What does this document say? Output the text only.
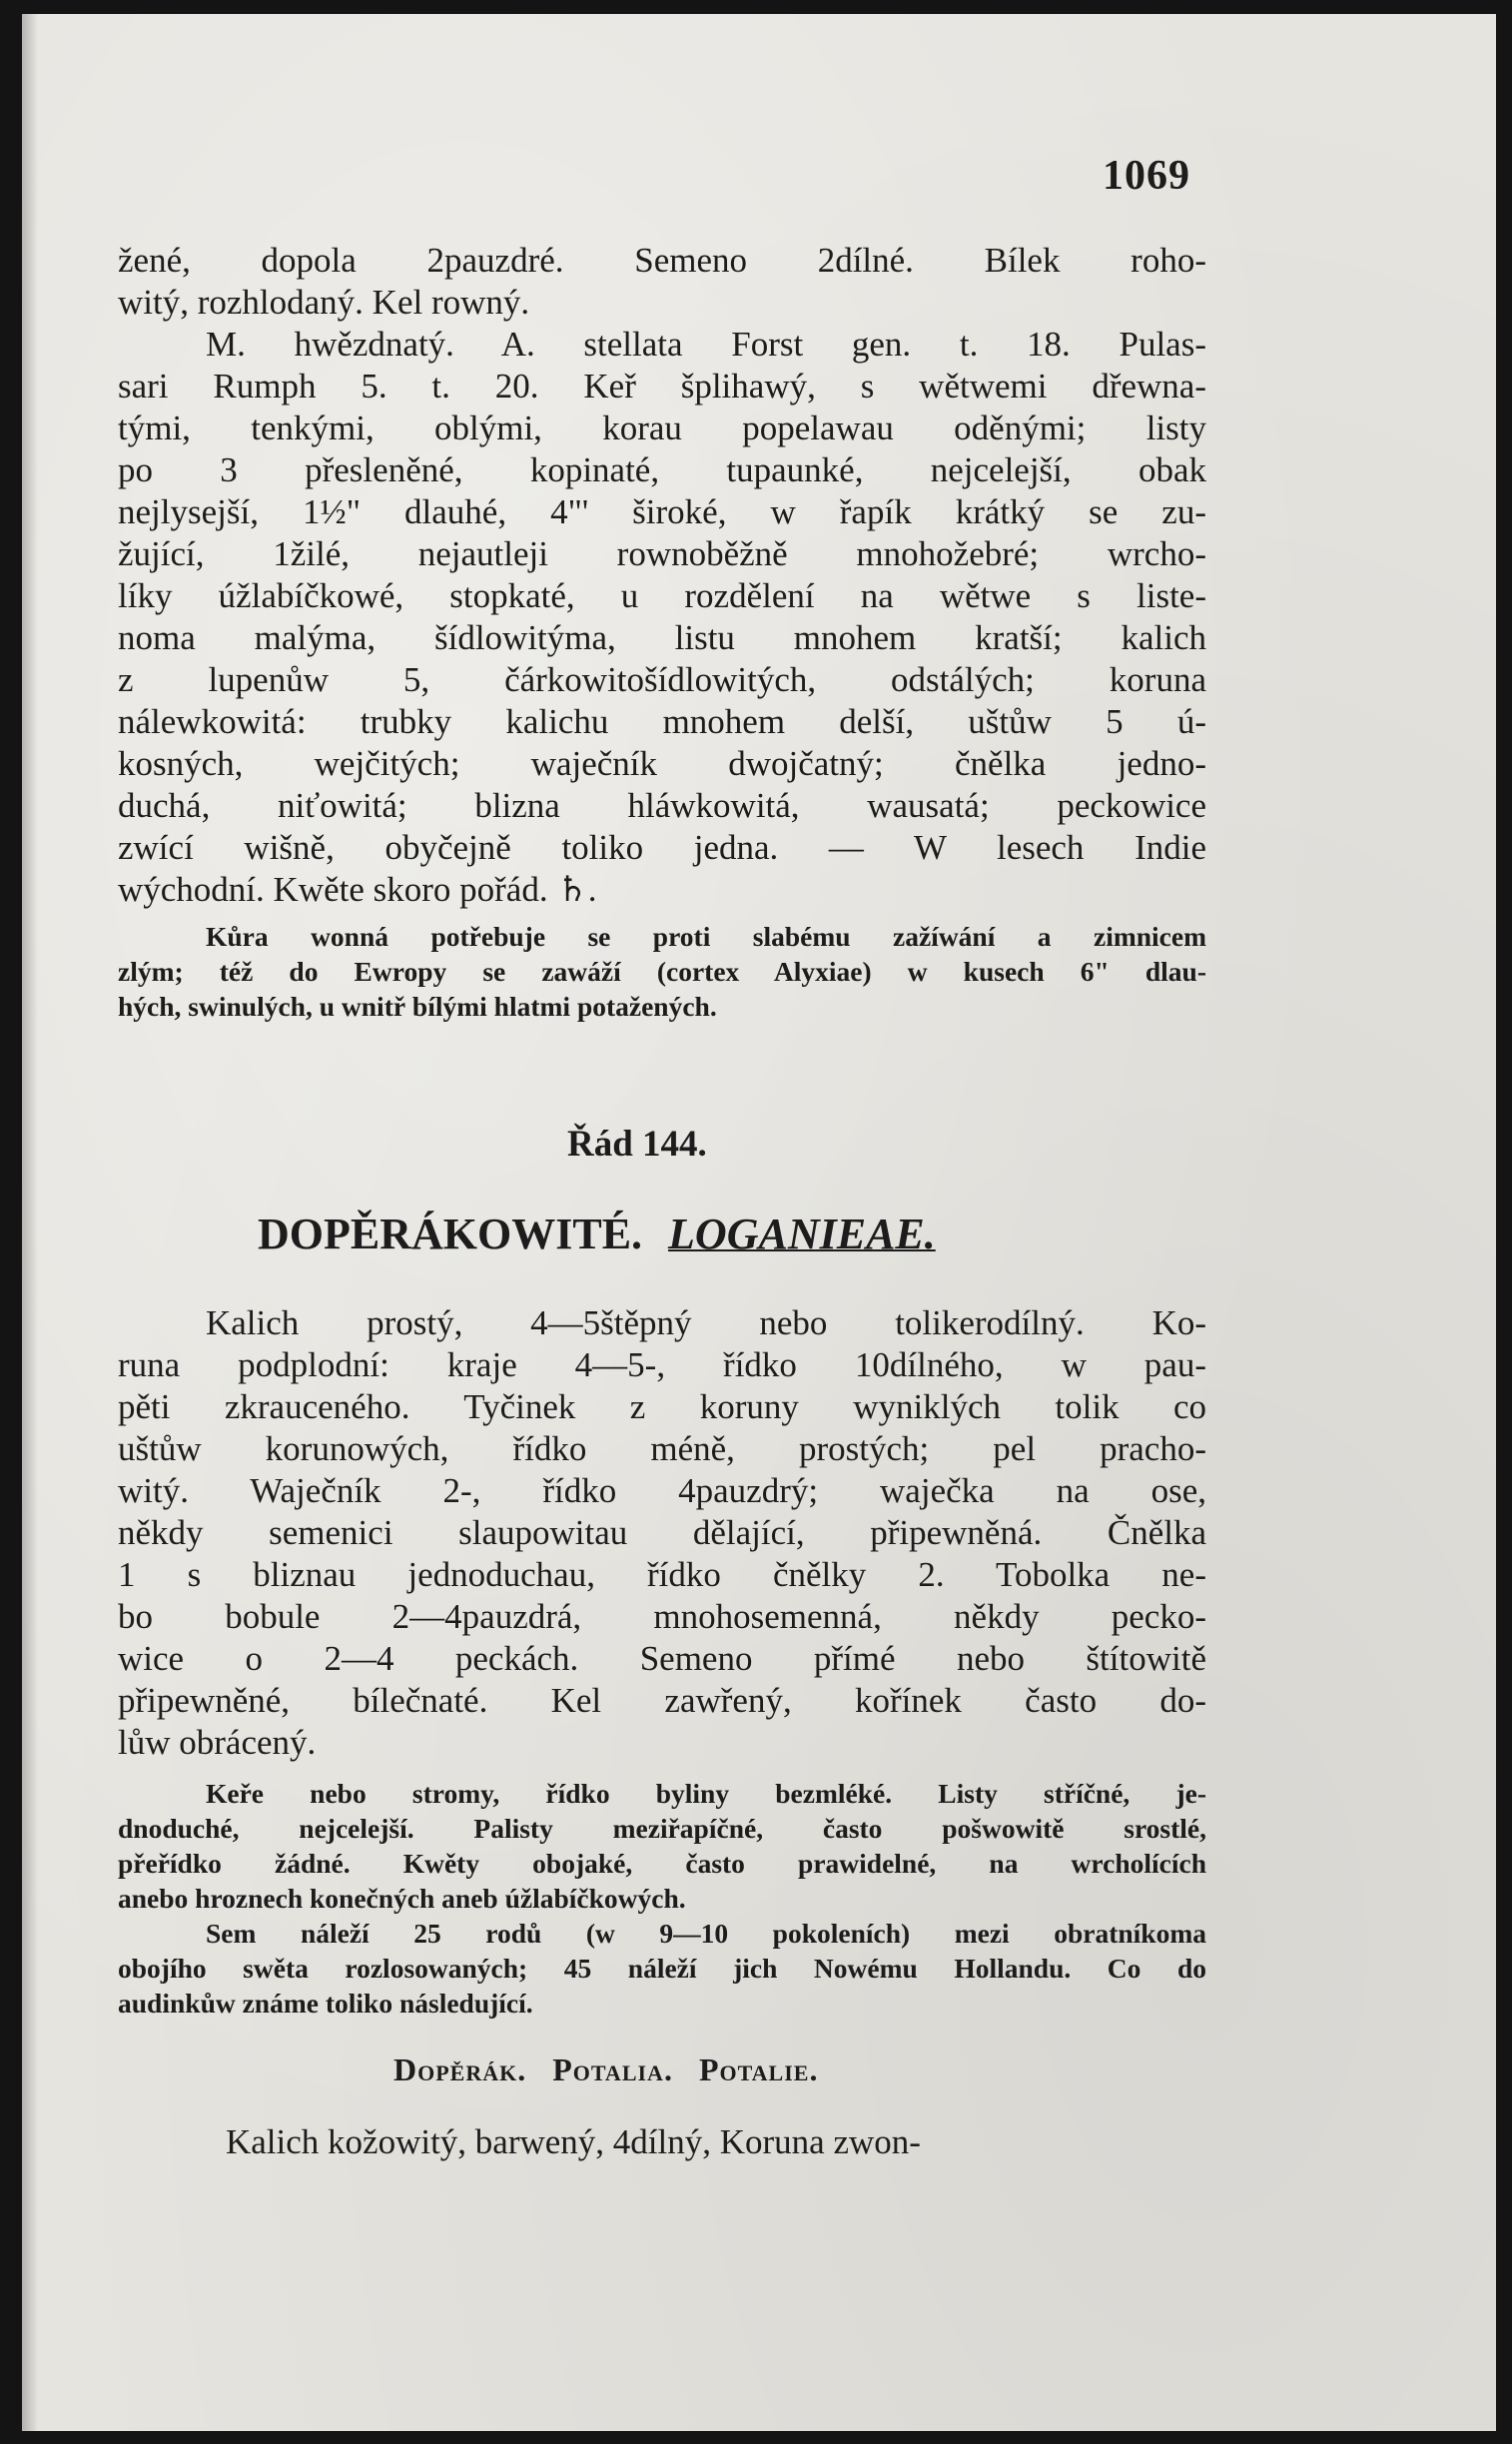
1069
žené, dopola 2pauzdré. Semeno 2dílné. Bílek roho-
witý, rozhlodaný. Kel rowný.
M. hwězdnatý. A. stellata Forst gen. t. 18. Pulas-
sari Rumph 5. t. 20. Keř šplihawý, s wětwemi dřewna-
tými, tenkými, oblými, korau popelawau oděnými; listy
po 3 přesleněné, kopinaté, tupaunké, nejcelejší, obak
nejlysejší, 1½" dlauhé, 4"' široké, w řapík krátký se zu-
žující, 1žilé, nejautleji rownoběžně mnohožebré; wrcho-
líky úžlabíčkowé, stopkaté, u rozdělení na wětwe s liste-
noma malýma, šídlowitýma, listu mnohem kratší; kalich
z lupenůw 5, čárkowitošídlowitých, odstálých; koruna
nálewkowitá: trubky kalichu mnohem delší, uštůw 5 ú-
kosných, wejčitých; waječník dwojčatný; čnělka jedno-
duchá, niťowitá; blizna hláwkowitá, wausatá; peckowice
zwící wišně, obyčejně toliko jedna. — W lesech Indie
wýchodní. Kwěte skoro pořád. ♄.
Kůra wonná potřebuje se proti slabému zažíwání a zimnicem
zlým; též do Ewropy se zawáží (cortex Alyxiae) w kusech 6" dlau-
hých, swinulých, u wnitř bílými hlatmi potažených.
Řád 144.
DOPĚRÁKOWITÉ. LOGANIEAE.
Kalich prostý, 4—5štěpný nebo tolikerodílný. Ko-
runa podplodní: kraje 4—5-, řídko 10dílného, w pau-
pěti zkrauceného. Tyčinek z koruny wyniklých tolik co
uštůw korunowých, řídko méně, prostých; pel pracho-
witý. Waječník 2-, řídko 4pauzdrý; waječka na ose,
někdy semenici slaupowitau dělající, připewněná. Čnělka
1 s bliznau jednoduchau, řídko čnělky 2. Tobolka ne-
bo bobule 2—4pauzdrá, mnohosemenná, někdy pecko-
wice o 2—4 peckách. Semeno přímé nebo štítowitě
připewněné, bílečnaté. Kel zawřený, kořínek často do-
lůw obrácený.
Keře nebo stromy, řídko byliny bezmléké. Listy stříčné, je-
dnoduché, nejcelejší. Palisty meziřapíčné, často pošwowitě srostlé,
přeřídko žádné. Kwěty obojaké, často prawidelné, na wrcholících
anebo hroznech konečných aneb úžlabíčkowých.
Sem náleží 25 rodů (w 9—10 pokoleních) mezi obratníkoma
obojího swěta rozlosowaných; 45 náleží jich Nowému Hollandu. Co do
audinkůw známe toliko následující.
Dopěrák. Potalia. Potalie.
Kalich kožowitý, barwený, 4dílný, Koruna zwon-
